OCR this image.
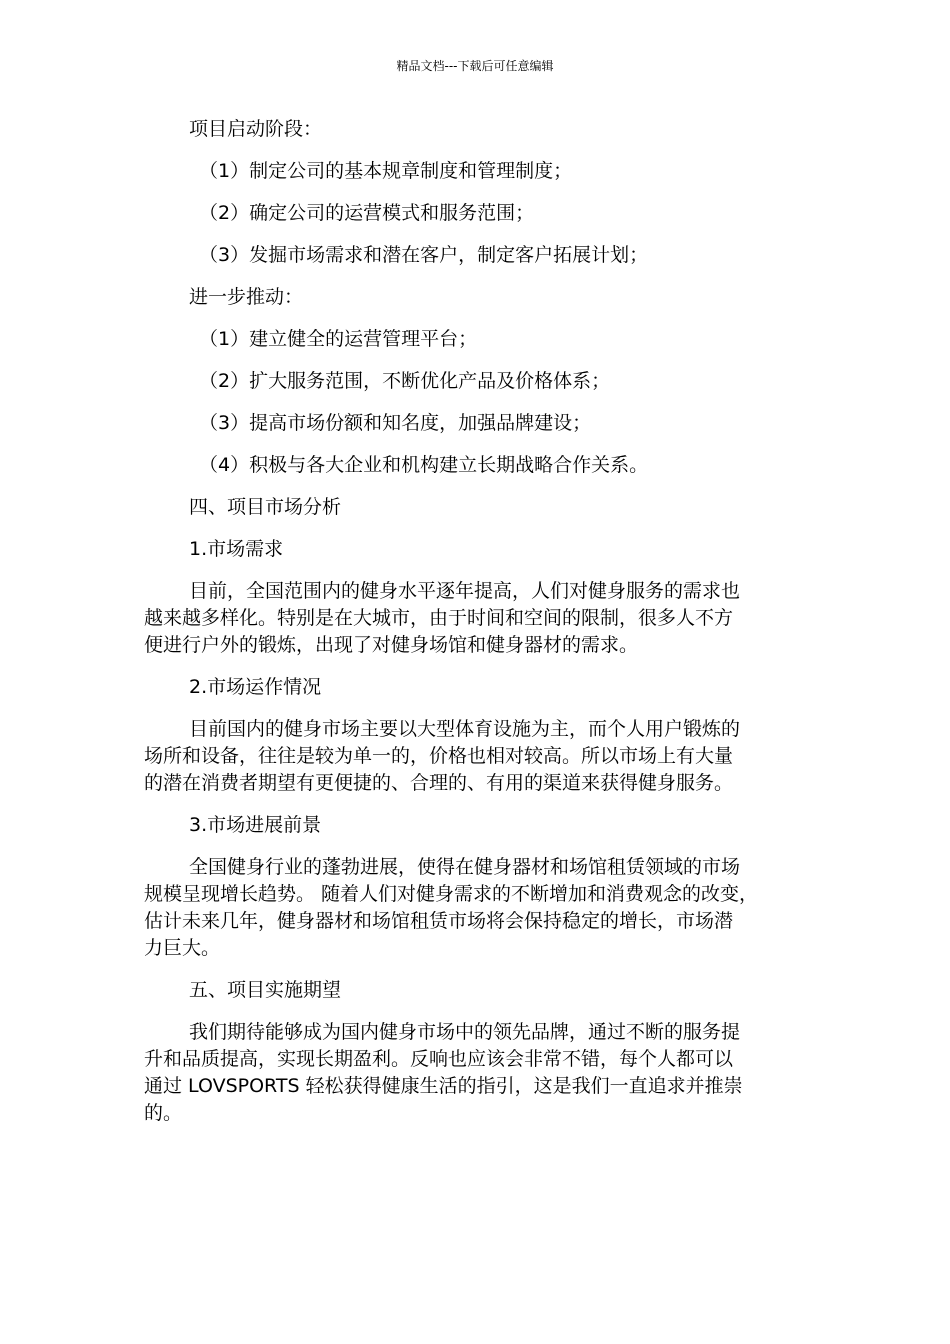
精品文档---下载后可任意编辑
项目启动阶段：
（1）制定公司的基本规章制度和管理制度；
（2）确定公司的运营模式和服务范围；
（3）发掘市场需求和潜在客户，制定客户拓展计划；
进一步推动：
（1）建立健全的运营管理平台；
（2）扩大服务范围，不断优化产品及价格体系；
（3）提高市场份额和知名度，加强品牌建设；
（4）积极与各大企业和机构建立长期战略合作关系。
四、项目市场分析
1.市场需求
目前，全国范围内的健身水平逐年提高，人们对健身服务的需求也
越来越多样化。特别是在大城市，由于时间和空间的限制，很多人不方
便进行户外的锻炼，出现了对健身场馆和健身器材的需求。
2.市场运作情况
目前国内的健身市场主要以大型体育设施为主，而个人用户锻炼的
场所和设备，往往是较为单一的，价格也相对较高。所以市场上有大量
的潜在消费者期望有更便捷的、合理的、有用的渠道来获得健身服务。
3.市场进展前景
全国健身行业的蓬勃进展，使得在健身器材和场馆租赁领域的市场
规模呈现增长趋势。 随着人们对健身需求的不断增加和消费观念的改变，
估计未来几年，健身器材和场馆租赁市场将会保持稳定的增长，市场潜
力巨大。
五、项目实施期望
我们期待能够成为国内健身市场中的领先品牌，通过不断的服务提
升和品质提高，实现长期盈利。反响也应该会非常不错，每个人都可以
通过 LOVSPORTS 轻松获得健康生活的指引，这是我们一直追求并推崇
的。
